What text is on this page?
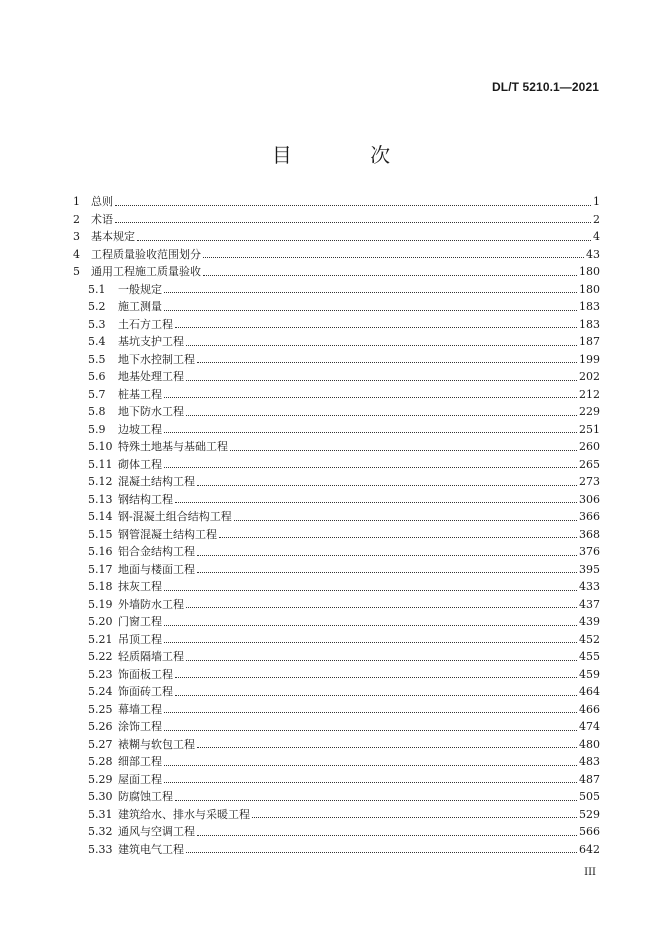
DL/T 5210.1—2021
目 次
1	总则	1
2	术语	2
3	基本规定	4
4	工程质量验收范围划分	43
5	通用工程施工质量验收	180
5.1	一般规定	180
5.2	施工测量	183
5.3	土石方工程	183
5.4	基坑支护工程	187
5.5	地下水控制工程	199
5.6	地基处理工程	202
5.7	桩基工程	212
5.8	地下防水工程	229
5.9	边坡工程	251
5.10 特殊土地基与基础工程	260
5.11 砌体工程	265
5.12 混凝土结构工程	273
5.13 钢结构工程	306
5.14 钢-混凝土组合结构工程	366
5.15 钢管混凝土结构工程	368
5.16 铝合金结构工程	376
5.17 地面与楼面工程	395
5.18 抹灰工程	433
5.19 外墙防水工程	437
5.20 门窗工程	439
5.21 吊顶工程	452
5.22 轻质隔墙工程	455
5.23 饰面板工程	459
5.24 饰面砖工程	464
5.25 幕墙工程	466
5.26 涂饰工程	474
5.27 裱糊与软包工程	480
5.28 细部工程	483
5.29 屋面工程	487
5.30 防腐蚀工程	505
5.31 建筑给水、排水与采暖工程	529
5.32 通风与空调工程	566
5.33 建筑电气工程	642
III
